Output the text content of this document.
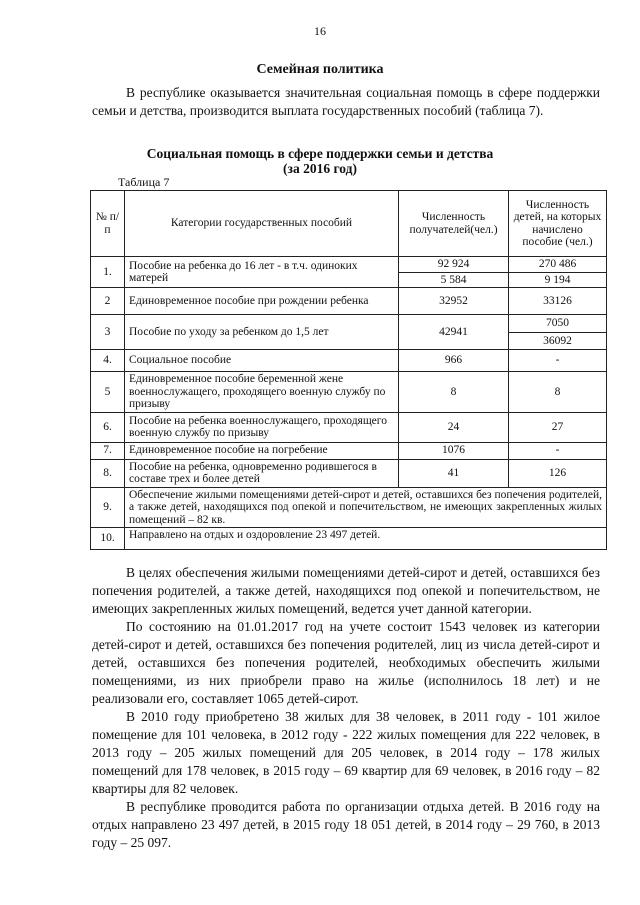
16
Семейная политика

В республике оказывается значительная социальная помощь в сфере поддержки семьи и детства, производится выплата государственных пособий (таблица 7).

Социальная помощь в сфере поддержки семьи и детства
(за 2016 год)
Таблица 7
№ п/п	Категории государственных пособий	Численность получателей(чел.)	Численность детей, на которых начислено пособие (чел.)
1.	Пособие на ребенка до 16 лет - в т.ч. одиноких матерей	92 924	270 486
		5 584	9 194
2	Единовременное пособие при рождении ребенка	32952	33126
3	Пособие по уходу за ребенком до 1,5 лет	42941	7050
			36092
4.	Социальное пособие	966	-
5	Единовременное пособие беременной жене военнослужащего, проходящего военную службу по призыву	8	8
6.	Пособие на ребенка военнослужащего, проходящего военную службу по призыву	24	27
7.	Единовременное пособие на погребение	1076	-
8.	Пособие на ребенка, одновременно родившегося в составе трех и более детей	41	126
9.	Обеспечение жилыми помещениями детей-сирот и детей, оставшихся без попечения родителей, а также детей, находящихся под опекой и попечительством, не имеющих закрепленных жилых помещений – 82 кв.		
10.	Направлено на отдых и оздоровление 23 497 детей.		

В целях обеспечения жилыми помещениями детей-сирот и детей, оставшихся без попечения родителей, а также детей, находящихся под опекой и попечительством, не имеющих закрепленных жилых помещений, ведется учет данной категории.

По состоянию на 01.01.2017 год на учете состоит 1543 человек из категории детей-сирот и детей, оставшихся без попечения родителей, лиц из числа детей-сирот и детей, оставшихся без попечения родителей, необходимых обеспечить жилыми помещениями, из них приобрели право на жилье (исполнилось 18 лет) и не реализовали его, составляет 1065 детей-сирот.

В 2010 году приобретено 38 жилых для 38 человек, в 2011 году - 101 жилое помещение для 101 человека, в 2012 году - 222 жилых помещения для 222 человек, в 2013 году – 205 жилых помещений для 205 человек, в 2014 году – 178 жилых помещений для 178 человек, в 2015 году – 69 квартир для 69 человек, в 2016 году – 82 квартиры для 82 человек.

В республике проводится работа по организации отдыха детей. В 2016 году на отдых направлено 23 497 детей, в 2015 году 18 051 детей, в 2014 году – 29 760, в 2013 году – 25 097.
